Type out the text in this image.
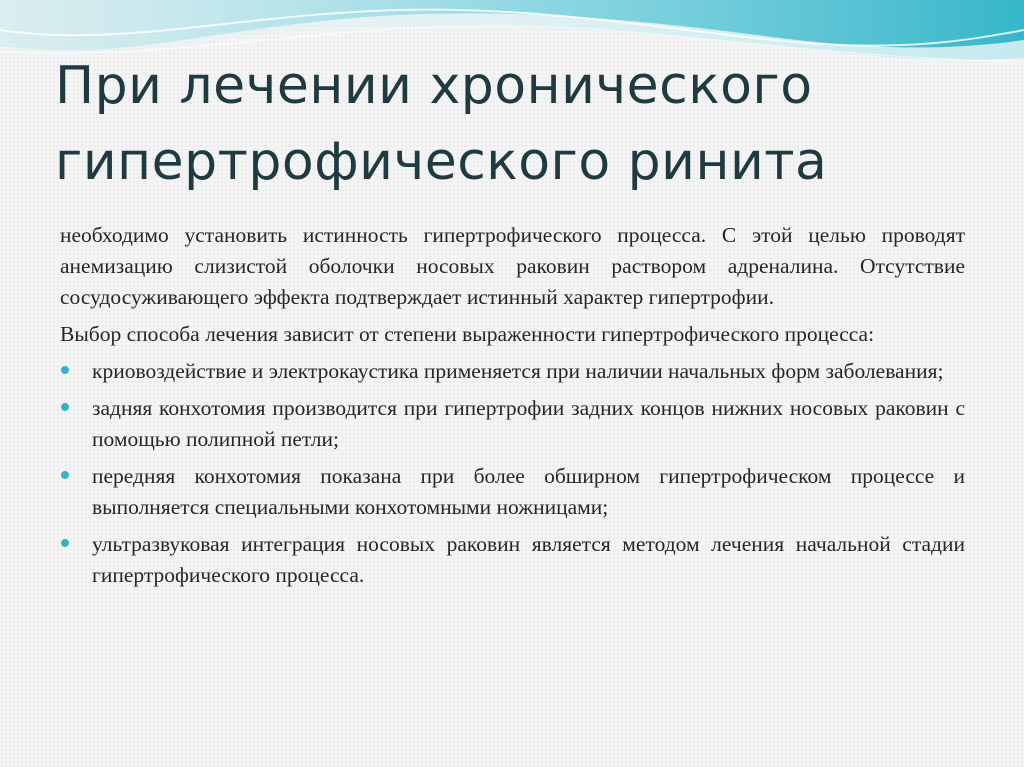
При лечении хронического
гипертрофического ринита

необходимо установить истинность гипертрофического процесса. С этой целью проводят анемизацию слизистой оболочки носовых раковин раствором адреналина. Отсутствие сосудосуживающего эффекта подтверждает истинный характер гипертрофии.

Выбор способа лечения зависит от степени выраженности гипертрофического процесса:

криовоздействие и электрокаустика применяется при наличии начальных форм заболевания;
задняя конхотомия производится при гипертрофии задних концов нижних носовых раковин с помощью полипной петли;
передняя конхотомия показана при более обширном гипертрофическом процессе и выполняется специальными конхотомными ножницами;
ультразвуковая интеграция носовых раковин является методом лечения начальной стадии гипертрофического процесса.
